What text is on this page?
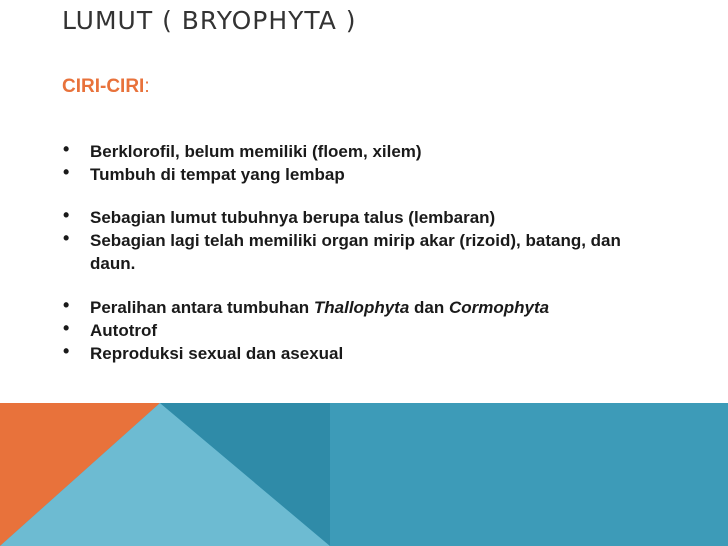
LUMUT ( BRYOPHYTA )
CIRI-CIRI:
• Berklorofil, belum memiliki (floem, xilem)
• Tumbuh di tempat yang lembap
• Sebagian lumut tubuhnya berupa talus (lembaran)
• Sebagian lagi telah memiliki organ mirip akar (rizoid), batang, dan daun.
• Peralihan antara tumbuhan Thallophyta dan Cormophyta
• Autotrof
• Reproduksi sexual dan asexual
